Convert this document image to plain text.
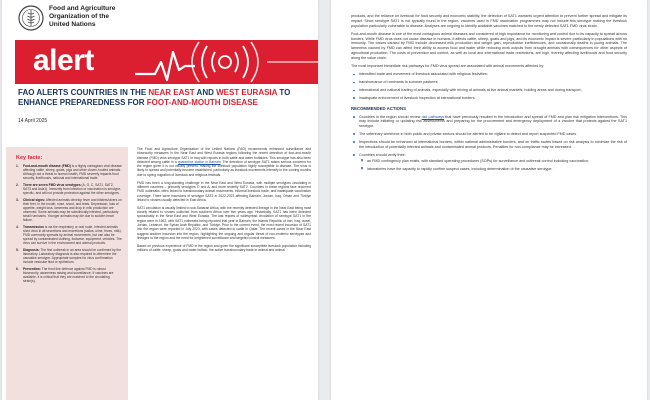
Food and Agriculture
Organization of the
United Nations
alert
FAO ALERTS COUNTRIES IN THE NEAR EAST AND WEST EURASIA TO ENHANCE PREPAREDNESS FOR FOOT-AND-MOUTH DISEASE
14 April 2025
Key facts:
1.	Foot-and-mouth disease (FMD) is a highly contagious viral disease affecting cattle, sheep, goats, pigs and other cloven-hoofed animals. Although not a threat to human health, FMD severely impacts food security, livelihoods, national and international trade.
2.	There are seven FMD virus serotypes (A, O, C, SAT1, SAT2, SAT3 and Asia1). Immunity from infection or vaccination is serotype-specific, and will not provide protection against the other serotypes.
3.	Clinical signs: Affected animals develop fever and blisters/ulcers on their feet, in the mouth, nose, snout, and teats. Depression, loss of appetite, weight loss, lameness and drop in milk production are observed. Some animals may be subclinically infected, particularly small ruminants. Younger animals may die due to sudden heart failure.
4.	Transmission is via the respiratory or oral route. Infected animals shed virus in all secretions and excretions (saliva, urine, feces, milk). FMD commonly spreads by animal movements, but can also be spread by contaminated clothing, footwear, equipment, vehicles. The virus can survive in the environment and animal products.
5.	Diagnosis: The first outbreak in an area should be confirmed by the laboratory. Laboratory diagnosis is also required to determine the causative serotype. Appropriate samples for virus confirmation include vesicular fluid or epithelium.
6.	Prevention: The front line defence against FMD is robust biosecurity, awareness raising and surveillance. If vaccines are available, it is critical that they are matched to the circulating strain(s).

The Food and Agriculture Organization of the United Nations (FAO) recommends enhanced surveillance and biosecurity measures in the Near East and West Eurasia regions following the recent detection of foot-and-mouth disease (FMD) virus serotype SAT1 in Iraq with reports in both cattle and water buffaloes. This serotype has also been detected among cattle in a quarantine station in Bahrain. The detection of serotype SAT1 raises serious concerns for the region given it is not usually present, making the livestock population highly susceptible to disease. The virus is likely to spread and potentially become established, particularly as livestock movements intensify in the coming months due to spring migration of livestock and religious festivals.

FMD has been a long-standing challenge in the Near East and West Eurasia, with multiple serotypes circulating in different countries – primarily serotypes O and A, and more recently SAT2. Countries in these regions face recurrent FMD outbreaks, often linked to transboundary animal movements, informal livestock trade, and inadequate vaccination coverage. There were incursions of serotype SAT2 in 2022-2023 affecting Bahrain, Jordan, Iraq, Oman and Türkiye linked to viruses usually detected in East Africa.

SAT1 circulation is usually limited to sub-Saharan Africa, with the recently detected lineage in the Near East being most closely related to viruses collected from southern Africa over five years ago. Historically, SAT1 has been detected sporadically in the Near East and West Eurasia. The last reports of widespread circulation of serotype SAT1 in the region were in 1962, with SAT1 outbreaks being reported that year in Bahrain, the Islamic Republic of Iran, Iraq, Israel, Jordan, Lebanon, the Syrian Arab Republic, and Türkiye. Prior to the current event, the most recent incursion of SAT1 into the region were reported in July 2023, with cases detected in cattle in Qatar. The recent cases in the Near East suggest another incursion into the region, highlighting the ongoing and regular threat of non-endemic serotypes and lineages to the region and the need for heightened surveillance and targeted control measures.

Based on previous experience of FMD in the region and given the significant susceptible livestock population including millions of cattle, sheep, goats and water buffalo, the active transboundary trade in animal and animal

products, and the reliance on livestock for food security and economic stability, the detection of SAT1 warrants urgent attention to prevent further spread and mitigate its impact. Since serotype SAT1 is not typically found in the region, vaccines used in FMD vaccination programmes may not include this serotype making the livestock population particularly vulnerable to disease. Analyses are ongoing to identify available vaccines matched to the newly detected SAT1 FMD virus strain.

Foot-and-mouth disease is one of the most contagious animal diseases and considered of high importance for monitoring and control due to its capacity to spread across borders. While FMD virus does not cause disease in humans, it affects cattle, sheep, goats and pigs, and its economic impact is severe particularly in populations with no immunity. The losses caused by FMD include decreased milk production and weight gain, reproductive inefficiencies, and occasionally deaths in young animals. The lameness caused by FMD can affect their ability to access food and water while reducing work outputs from draught animals with consequences for other aspects of agricultural production. The costs of prevention and control, as well as local and international trade restrictions, are high, thereby affecting livelihoods and food security along the value chain.

The most important immediate risk pathways for FMD virus spread are associated with animal movements affected by:

intensified trade and movement of livestock associated with religious festivities;
transhumance of ruminants to summer pastures;
international and national trading of animals, especially with mixing of animals at live animal markets, holding areas and during transport;
inadequate enforcement of livestock inspection at international borders.
RECOMMENDED ACTIONS
Countries in the region should review risk pathways that have previously resulted in the introduction and spread of FMD and plan risk mitigation interventions. This may include initiating or updating risk assessments and preparing for the procurement and emergency deployment of a vaccine that protects against the SAT1 serotype.
The veterinary workforce in both public and private sectors should be alerted to be vigilant to detect and report suspected FMD cases.
Inspections should be enhanced at international borders, within national administrative borders, and on traffic routes based on risk analysis to minimize the risk of the introduction of potentially infected animals and contaminated animal products. Penalties for non-compliance may be increased.
Countries should verify their:
– an FMD contingency plan exists, with standard operating procedures (SOPs) for surveillance and outbreak control including vaccination;
– laboratories have the capacity to rapidly confirm suspect cases, including determination of the causative serotype.
